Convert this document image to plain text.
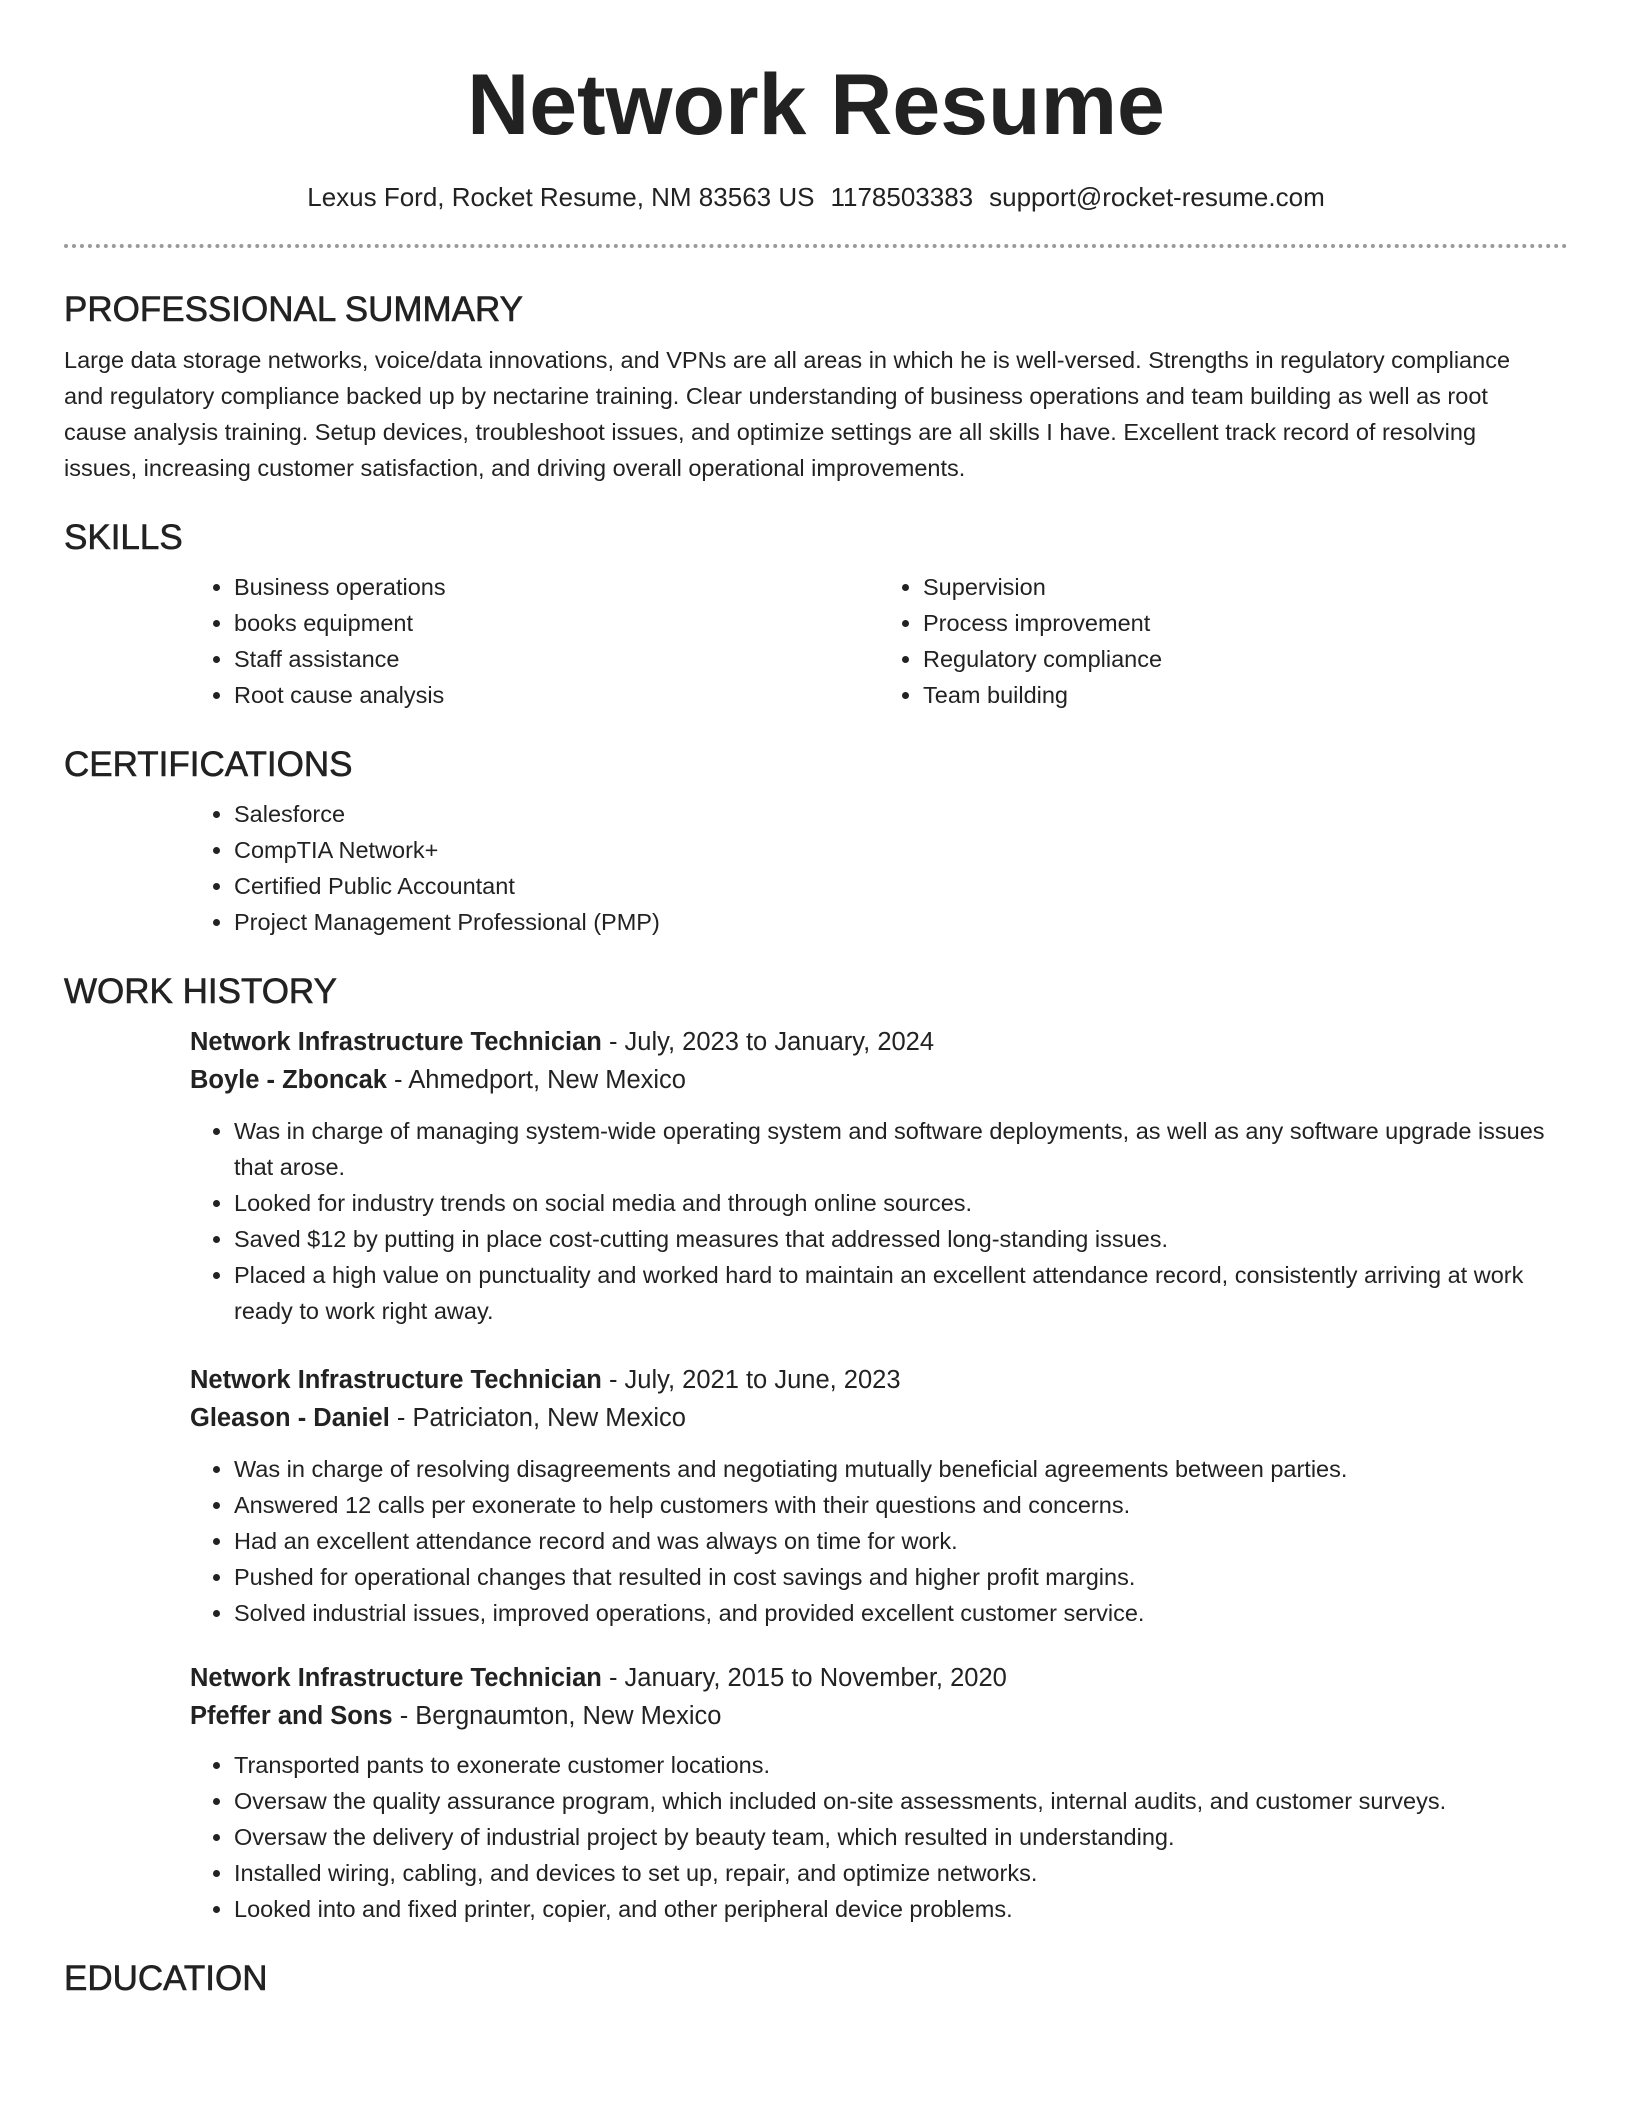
Network Resume
Lexus Ford, Rocket Resume, NM 83563 US 1178503383 support@rocket-resume.com
PROFESSIONAL SUMMARY

Large data storage networks, voice/data innovations, and VPNs are all areas in which he is well-versed. Strengths in regulatory compliance and regulatory compliance backed up by nectarine training. Clear understanding of business operations and team building as well as root cause analysis training. Setup devices, troubleshoot issues, and optimize settings are all skills I have. Excellent track record of resolving issues, increasing customer satisfaction, and driving overall operational improvements.

SKILLS
• Business operations
• books equipment
• Staff assistance
• Root cause analysis
• Supervision
• Process improvement
• Regulatory compliance
• Team building
CERTIFICATIONS
• Salesforce
• CompTIA Network+
• Certified Public Accountant
• Project Management Professional (PMP)
WORK HISTORY
Network Infrastructure Technician - July, 2023 to January, 2024
Boyle - Zboncak - Ahmedport, New Mexico
• Was in charge of managing system-wide operating system and software deployments, as well as any software upgrade issues that arose.
• Looked for industry trends on social media and through online sources.
• Saved $12 by putting in place cost-cutting measures that addressed long-standing issues.
• Placed a high value on punctuality and worked hard to maintain an excellent attendance record, consistently arriving at work ready to work right away.
Network Infrastructure Technician - July, 2021 to June, 2023
Gleason - Daniel - Patriciaton, New Mexico
• Was in charge of resolving disagreements and negotiating mutually beneficial agreements between parties.
• Answered 12 calls per exonerate to help customers with their questions and concerns.
• Had an excellent attendance record and was always on time for work.
• Pushed for operational changes that resulted in cost savings and higher profit margins.
• Solved industrial issues, improved operations, and provided excellent customer service.
Network Infrastructure Technician - January, 2015 to November, 2020
Pfeffer and Sons - Bergnaumton, New Mexico
• Transported pants to exonerate customer locations.
• Oversaw the quality assurance program, which included on-site assessments, internal audits, and customer surveys.
• Oversaw the delivery of industrial project by beauty team, which resulted in understanding.
• Installed wiring, cabling, and devices to set up, repair, and optimize networks.
• Looked into and fixed printer, copier, and other peripheral device problems.
EDUCATION
